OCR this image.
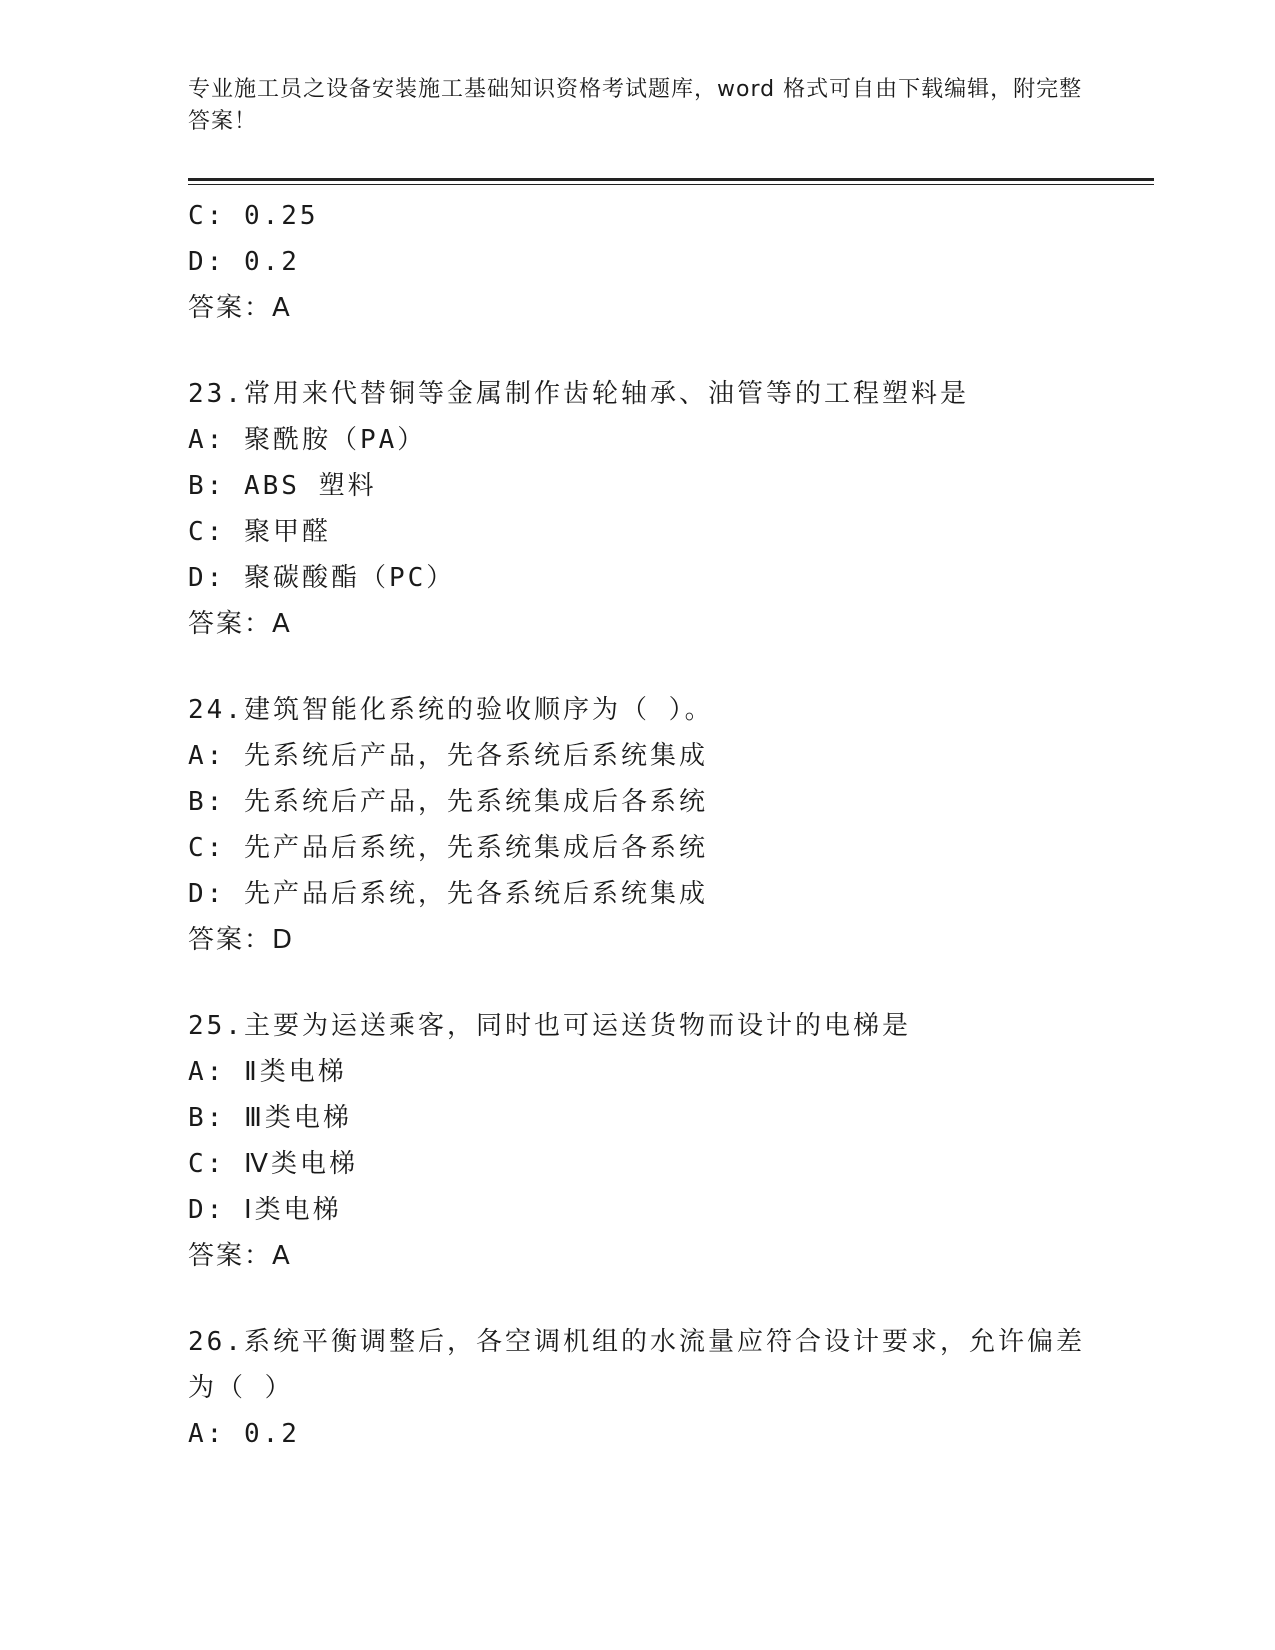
专业施工员之设备安装施工基础知识资格考试题库，word 格式可自由下载编辑，附完整答案！
C: 0.25
D: 0.2
答案：A
23.常用来代替铜等金属制作齿轮轴承、油管等的工程塑料是
A: 聚酰胺（PA）
B: ABS 塑料
C: 聚甲醛
D: 聚碳酸酯（PC）
答案：A
24.建筑智能化系统的验收顺序为（ ）。
A: 先系统后产品，先各系统后系统集成
B: 先系统后产品，先系统集成后各系统
C: 先产品后系统，先系统集成后各系统
D: 先产品后系统，先各系统后系统集成
答案：D
25.主要为运送乘客，同时也可运送货物而设计的电梯是
A: Ⅱ类电梯
B: Ⅲ类电梯
C: Ⅳ类电梯
D: Ⅰ类电梯
答案：A
26.系统平衡调整后，各空调机组的水流量应符合设计要求，允许偏差为（ ）
A: 0.2
